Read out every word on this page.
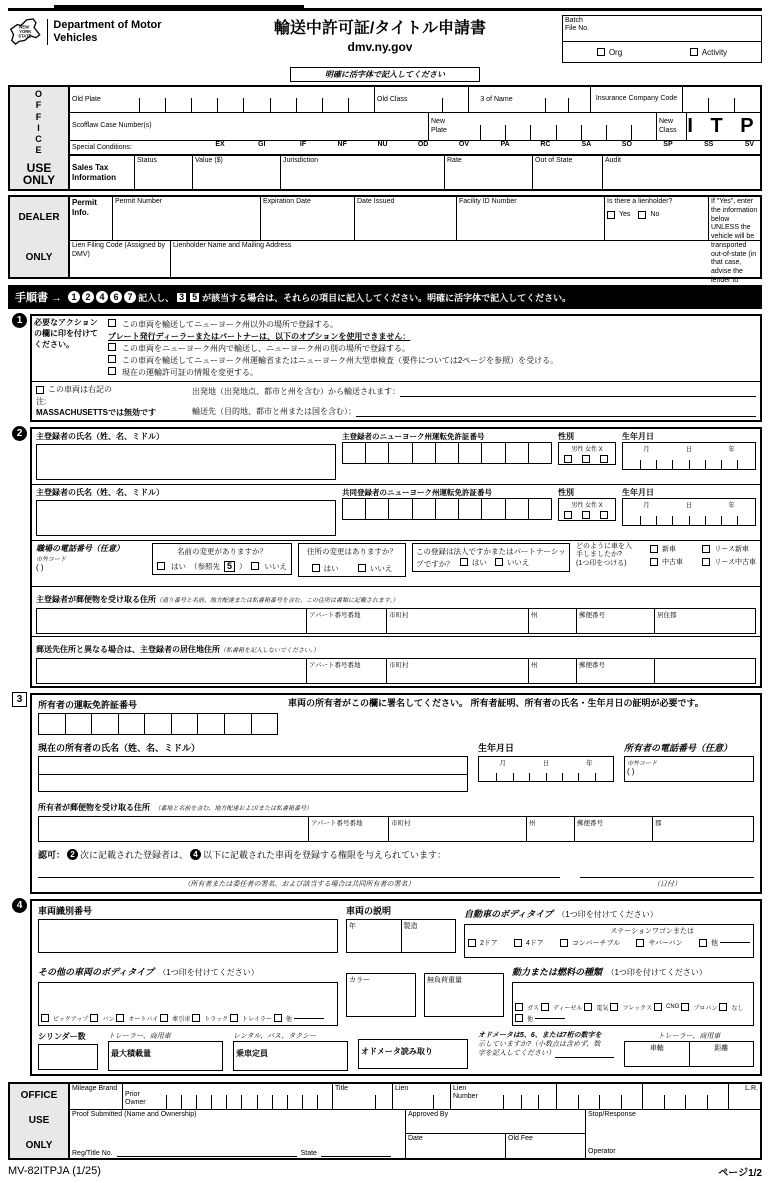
NEW
YORK
STATE
Department of Motor Vehicles
輸送中許可証/タイトル申請書
dmv.ny.gov
Batch
File No.
Org	Activity
明確に活字体で記入してください
O
F
F
I
C
E
USE ONLY
Old Plate	Old Class	3 of Name	Insurance Company Code
Scofflaw Case Number(s)
New Plate
New Class I T P
Special Conditions:	EX	GI	IF	NF	NU	OD	OV	PA	RC	SA	SO	SP	SS	SV
Sales Tax Information
Status	Value ($)	Jurisdiction	Rate	Out of State	Audit
DEALER
ONLY
Permit Info.
Permit Number	Expiration Date	Date Issued	Facility ID Number	Is there a lienholder?
Yes	No
If "Yes", enter the information below UNLESS the vehicle will be transported out-of-state (in that case, advise the lender to perfect the lien in that state).
Lien Filing Code (Assigned by DMV)
Lienholder Name and Mailing Address
手順書 →	1 2 4 6 7 記入し、 3 5 が該当する場合は、それらの項目に記入してください。明確に活字体で記入してください。
1	必要なアクションの欄に印を付けてください。
この車両を輸送してニューヨーク州以外の場所で登録する。
プレート発行ディーラーまたはパートナーは、以下のオプションを使用できません：
この車両をニューヨーク州内で輸送し、ニューヨーク州の別の場所で登録する。
この車両を輸送してニューヨーク州運輸省またはニューヨーク州大型車検査（要件については2ページを参照）を受ける。
現在の運輸許可証の情報を変更する。
この車両は右記の
注:
MASSACHUSETTSでは無効です
出発地（出発地点、都市と州を含む）から輸送されます：
輸送先（目的地、都市と州または国を含む）：
2	主登録者の氏名（姓、名、ミドル）	主登録者のニューヨーク州運転免許証番号	性別
男性 女性 X
生年月日
月	日	年
主登録者の氏名（姓、名、ミドル）	共同登録者のニューヨーク州運転免許証番号	性別
男性 女性 X
生年月日
月	日	年
職場の電話番号（任意）
市外コード
( )
名前の変更がありますか？
はい （参照先 5 ） いいえ
住所の変更はありますか？
はい	いいえ
この登録は法人ですかまたはパートナーシップですか？ はい
	いいえ
どのように車を入
手しましたか?
(1つ印をつける)
新車	リース新車
中古車	リース中古車
主登録者が郵便物を受け取る住所（通り番号と名前、地方配達または私書箱番号を含む。この住所は書類に記載されます。）
アパート番号番地	市町村	州	郵便番号	居住郡
郵送先住所と異なる場合は、主登録者の居住地住所（私書箱を記入しないでください。）
アパート番号番地	市町村	州	郵便番号
3	所有者の運転免許証番号	車両の所有者がこの欄に署名してください。 所有者証明、所有者の氏名・生年月日の証明が必要です。
現在の所有者の氏名（姓、名、ミドル）	生年月日
月	日	年
所有者の電話番号（任意）
市外コード
( )
所有者が郵便物を受け取る住所 （番地と名前を含む、地方配達および/または私書箱番号）
アパート番号番地	市町村	州	郵便番号	郡
認可： 2 次に記載された登録者は、 4 以下に記載された車両を登録する権限を与えられています：
（所有者または委任者の署名、および該当する場合は共同所有者の署名）	（日付）
4	車両識別番号	車両の説明
年	製造
自動車のボディタイプ （1つ印を付けてください）
ステーションワゴンまたは
2ドア	4ドア	コンバーチブル	サバーバン	他
その他の車両のボディタイプ （1つ印を付けてください）
ピックアップ バン オートバイ 牽引車 トラック トレイラー 他
カラー	無負荷重量
動力または燃料の種類 （1つ印を付けてください）
ガス ディーゼル 電気 フレックス CNG プロパン なし
他
シリンダー数	トレーラー、商用車
最大積載量
レンタル、バス、タクシー
乗車定員	オドメータ読み取り
オドメータは5、6、または7桁の数字を
示していますか?（小数点は含めず、数
字を記入してください）
トレーラー、商用車
車軸	距離
OFFICE
USE
ONLY
Mileage Brand
Prior Owner
Title	Lien	Lien Number
L.R.
Proof Submitted (Name and Ownership)
Reg/Title No.	State
Approved By
Date	Old Fee
Stop/Response
Operator
MV-82ITPJA (1/25)	ページ1/2
